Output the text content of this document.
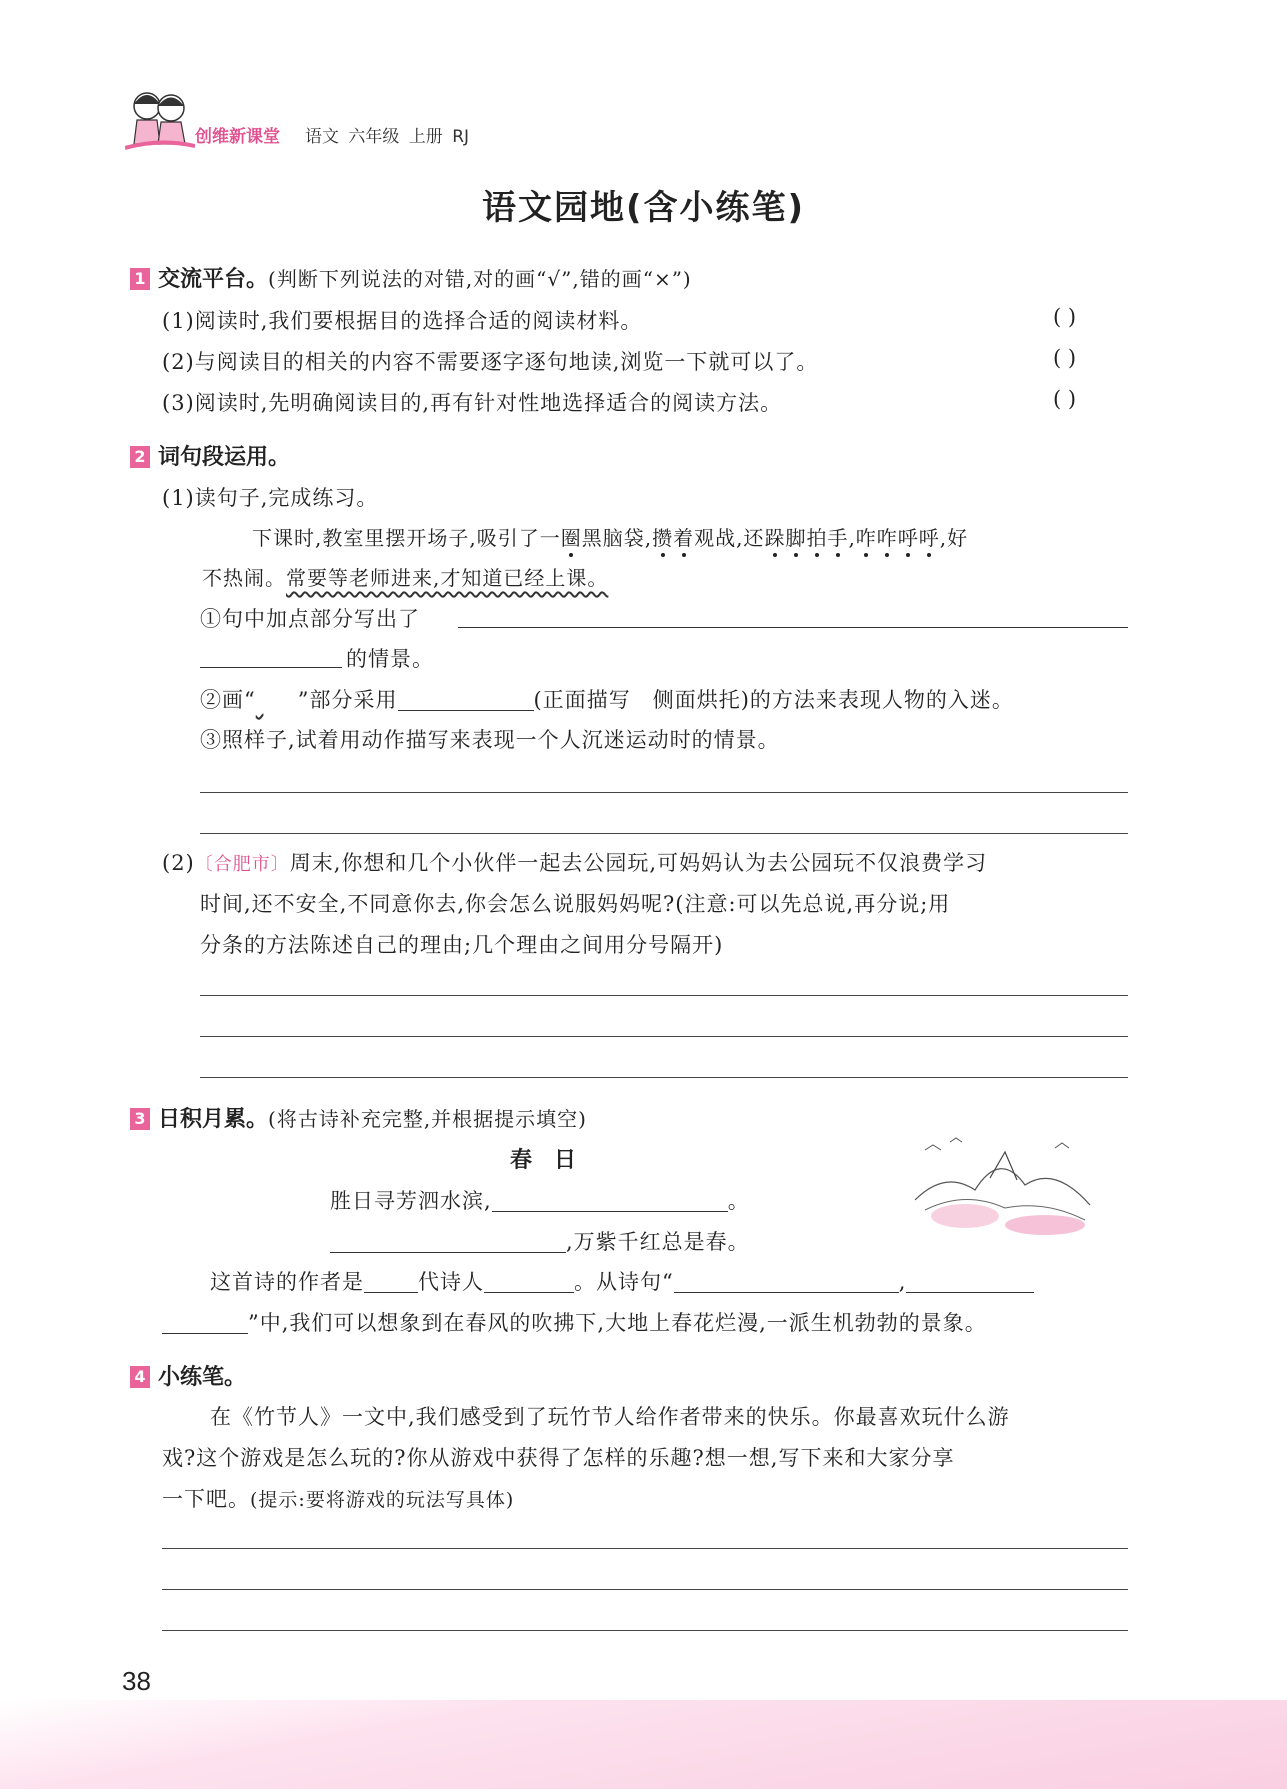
创维新课堂 语文 六年级 上册 RJ
语文园地(含小练笔)
1 交流平台。(判断下列说法的对错,对的画“√”,错的画“×”)
(1)阅读时,我们要根据目的选择合适的阅读材料。	( )
(2)与阅读目的相关的内容不需要逐字逐句地读,浏览一下就可以了。	( )
(3)阅读时,先明确阅读目的,再有针对性地选择适合的阅读方法。	( )
2 词句段运用。
(1)读句子,完成练习。
下课时,教室里摆开场子,吸引了一圈黑脑袋,攒着观战,还跺脚拍手,咋咋呼呼,好
不热闹。常要等老师进来,才知道已经上课。
①句中加点部分写出了
的情景。
②画“ ”部分采用	(正面描写　侧面烘托)的方法来表现人物的入迷。
③照样子,试着用动作描写来表现一个人沉迷运动时的情景。
(2)〔合肥市〕周末,你想和几个小伙伴一起去公园玩,可妈妈认为去公园玩不仅浪费学习
时间,还不安全,不同意你去,你会怎么说服妈妈呢?(注意:可以先总说,再分说;用
分条的方法陈述自己的理由;几个理由之间用分号隔开)
3 日积月累。(将古诗补充完整,并根据提示填空)
春　日
胜日寻芳泗水滨,	。
,万紫千红总是春。
这首诗的作者是	代诗人	。从诗句“	,
”中,我们可以想象到在春风的吹拂下,大地上春花烂漫,一派生机勃勃的景象。
4 小练笔。
在《竹节人》一文中,我们感受到了玩竹节人给作者带来的快乐。你最喜欢玩什么游
戏?这个游戏是怎么玩的?你从游戏中获得了怎样的乐趣?想一想,写下来和大家分享
一下吧。(提示:要将游戏的玩法写具体)
38
